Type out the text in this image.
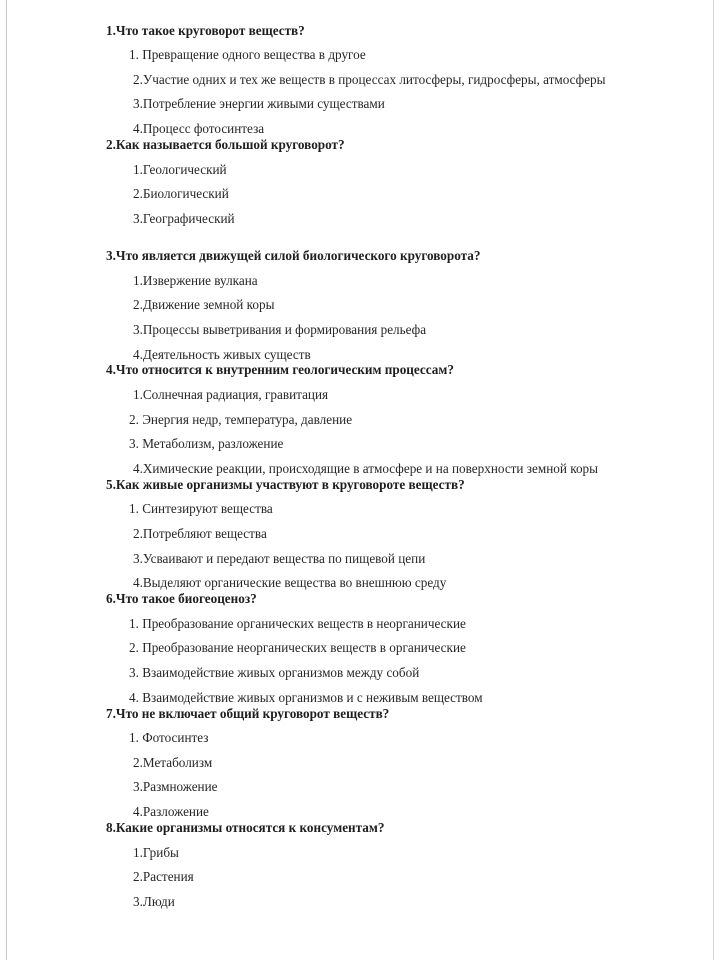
1.Что такое круговорот веществ?

1. Превращение одного вещества в другое

2.Участие одних и тех же веществ в процессах литосферы, гидросферы, атмосферы

3.Потребление энергии живыми существами

4.Процесс фотосинтеза

2.Как называется большой круговорот?

1.Геологический

2.Биологический

3.Географический

3.Что является движущей силой биологического круговорота?

1.Извержение вулкана

2.Движение земной коры

3.Процессы выветривания и формирования рельефа

4.Деятельность живых существ

4.Что относится к внутренним геологическим процессам?

1.Солнечная радиация, гравитация

2. Энергия недр, температура, давление

3. Метаболизм, разложение

4.Химические реакции, происходящие в атмосфере и на поверхности земной коры

5.Как живые организмы участвуют в круговороте веществ?

1. Синтезируют вещества

2.Потребляют вещества

3.Усваивают и передают вещества по пищевой цепи

4.Выделяют органические вещества во внешнюю среду

6.Что такое биогеоценоз?

1. Преобразование органических веществ в неорганические

2. Преобразование неорганических веществ в органические

3. Взаимодействие живых организмов между собой

4. Взаимодействие живых организмов и с неживым веществом

7.Что не включает общий круговорот веществ?

1. Фотосинтез

2.Метаболизм

3.Размножение

4.Разложение

8.Какие организмы относятся к консументам?

1.Грибы

2.Растения

3.Люди
